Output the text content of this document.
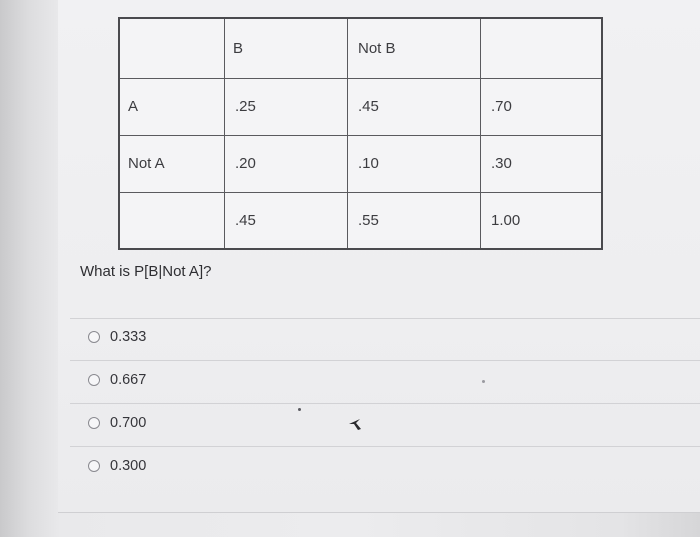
	B	Not B	
A	.25	.45	.70
Not A	.20	.10	.30
	.45	.55	1.00
What is P[B|Not A]?
0.333
0.667
0.700
0.300
